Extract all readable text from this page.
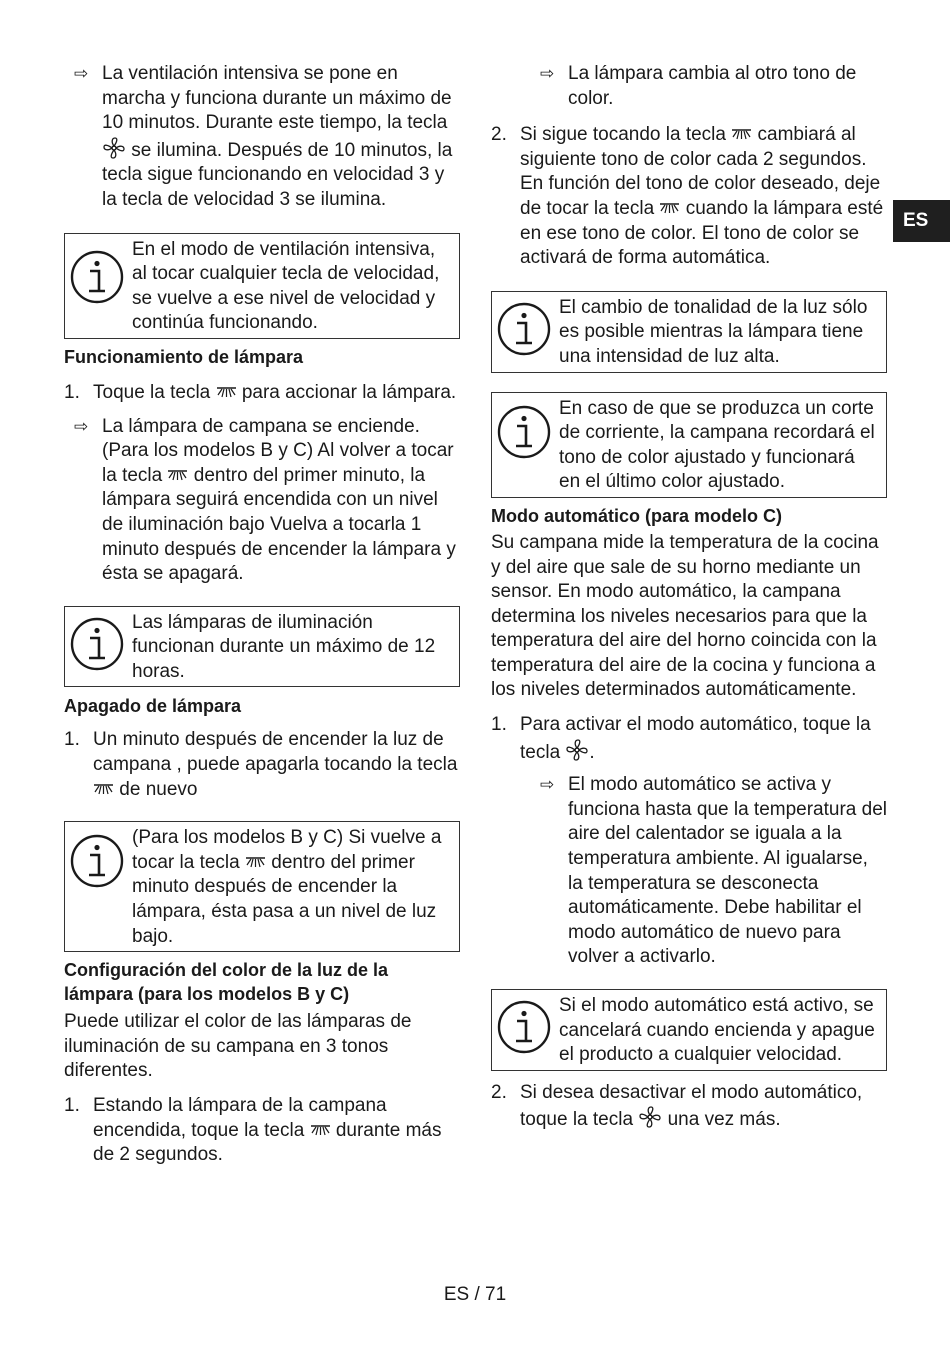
ES
⇨ La ventilación intensiva se pone en marcha y funciona durante un máximo de 10 minutos. Durante este tiempo, la tecla  se ilumina. Después de 10 minutos, la tecla sigue funcionando en velocidad 3 y la tecla de velocidad 3 se ilumina.
En el modo de ventilación intensiva, al tocar cualquier tecla de velocidad, se vuelve a ese nivel de velocidad y continúa funcionando.

Funcionamiento de lámpara

1. Toque la tecla para accionar la lámpara.
⇨ La lámpara de campana se enciende. (Para los modelos B y C) Al volver a tocar la tecla dentro del primer minuto, la lámpara seguirá encendida con un nivel de iluminación bajo Vuelva a tocarla 1 minuto después de encender la lámpara y ésta se apagará.
Las lámparas de iluminación funcionan durante un máximo de 12 horas.

Apagado de lámpara

1. Un minuto después de encender la luz de campana , puede apagarla tocando la tecla  de nuevo
(Para los modelos B y C) Si vuelve a tocar la tecla dentro del primer minuto después de encender la lámpara, ésta pasa a un nivel de luz bajo.

Configuración del color de la luz de la lámpara (para los modelos B y C)

Puede utilizar el color de las lámparas de iluminación de su campana en 3 tonos diferentes.

1. Estando la lámpara de la campana encendida, toque la tecla durante más de 2 segundos.
⇨ La lámpara cambia al otro tono de color.
2. Si sigue tocando la tecla cambiará al siguiente tono de color cada 2 segundos. En función del tono de color deseado, deje de tocar la tecla cuando la lámpara esté en ese tono de color. El tono de color se activará de forma automática.
El cambio de tonalidad de la luz sólo es posible mientras la lámpara tiene una intensidad de luz alta.
En caso de que se produzca un corte de corriente, la campana recordará el tono de color ajustado y funcionará en el último color ajustado.

Modo automático (para modelo C)

Su campana mide la temperatura de la cocina y del aire que sale de su horno mediante un sensor. En modo automático, la campana determina los niveles necesarios para que la temperatura del aire del horno coincida con la temperatura del aire de la cocina y funciona a los niveles determinados automáticamente.

1. Para activar el modo automático, toque la tecla .
⇨ El modo automático se activa y funciona hasta que la temperatura del aire del calentador se iguala a la temperatura ambiente. Al igualarse, la temperatura se desconecta automáticamente. Debe habilitar el modo automático de nuevo para volver a activarlo.
Si el modo automático está activo, se cancelará cuando encienda y apague el producto a cualquier velocidad.
2. Si desea desactivar el modo automático, toque la tecla una vez más.
ES / 71
